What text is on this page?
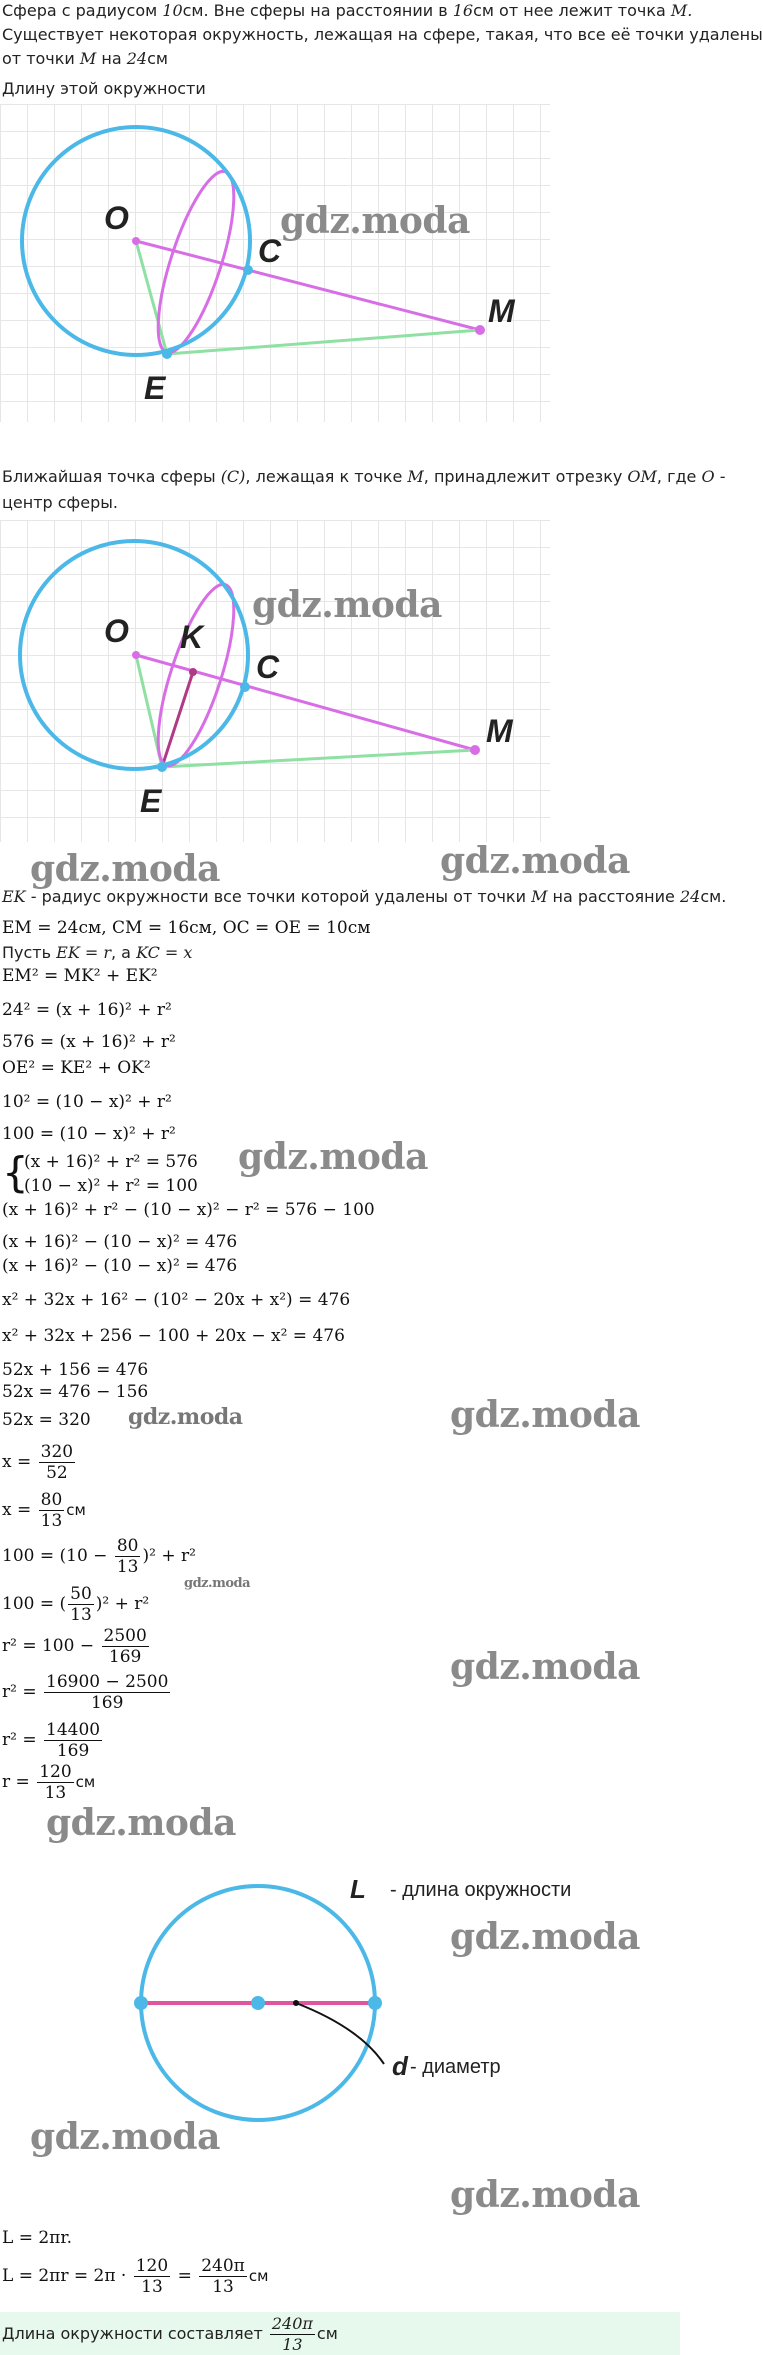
Сфера с радиусом 10см. Вне сферы на расстоянии в 16см от нее лежит точка M.
Существует некоторая окружность, лежащая на сфере, такая, что все её точки удалены
от точки M на 24см
Длину этой окружности
O
C
M
E
gdz.moda
Ближайшая точка сферы (C), лежащая к точке M, принадлежит отрезку OM, где O -
центр сферы.
O K
C
M
E
gdz.moda
gdz.moda	gdz.moda
EK - радиус окружности все точки которой удалены от точки M на расстояние 24см.
EM = 24см, CM = 16см, OC = OE = 10см
Пусть EK = r, а KC = x
EM² = MK² + EK²
24² = (x + 16)² + r²
576 = (x + 16)² + r²
OE² = KE² + OK²
10² = (10 − x)² + r²
100 = (10 − x)² + r²
{
(x + 16)² + r² = 576
(10 − x)² + r² = 100
gdz.moda
(x + 16)² + r² − (10 − x)² − r² = 576 − 100
(x + 16)² − (10 − x)² = 476
(x + 16)² − (10 − x)² = 476
x² + 32x + 16² − (10² − 20x + x²) = 476
x² + 32x + 256 − 100 + 20x − x² = 476
52x + 156 = 476
52x = 476 − 156
52x = 320 gdz.moda	gdz.moda
$x = \frac{320}{52}$
$x = \frac{80}{13}$ см
$100 = (10 - \frac{80}{13} )^2 + r^2$
100 = ( $\frac{50}{13} )^2 + r^2$
gdz.moda
$r^2 = 100 - \frac{2500}{169}$
$r^2 = \frac{16900 - 2500}{169}$
gdz.moda
$r^2 = \frac{14400}{169}$
$r = \frac{120}{13}$ см
gdz.moda
L - длина окружности
d - диаметр
gdz.moda
gdz.moda
gdz.moda
L = 2πr.
$L = 2\pi r = 2\pi \cdot \frac{120}{13} = \frac{240\pi}{13}$ см
Длина окружности составляет $\frac{240\pi}{13}$ см
